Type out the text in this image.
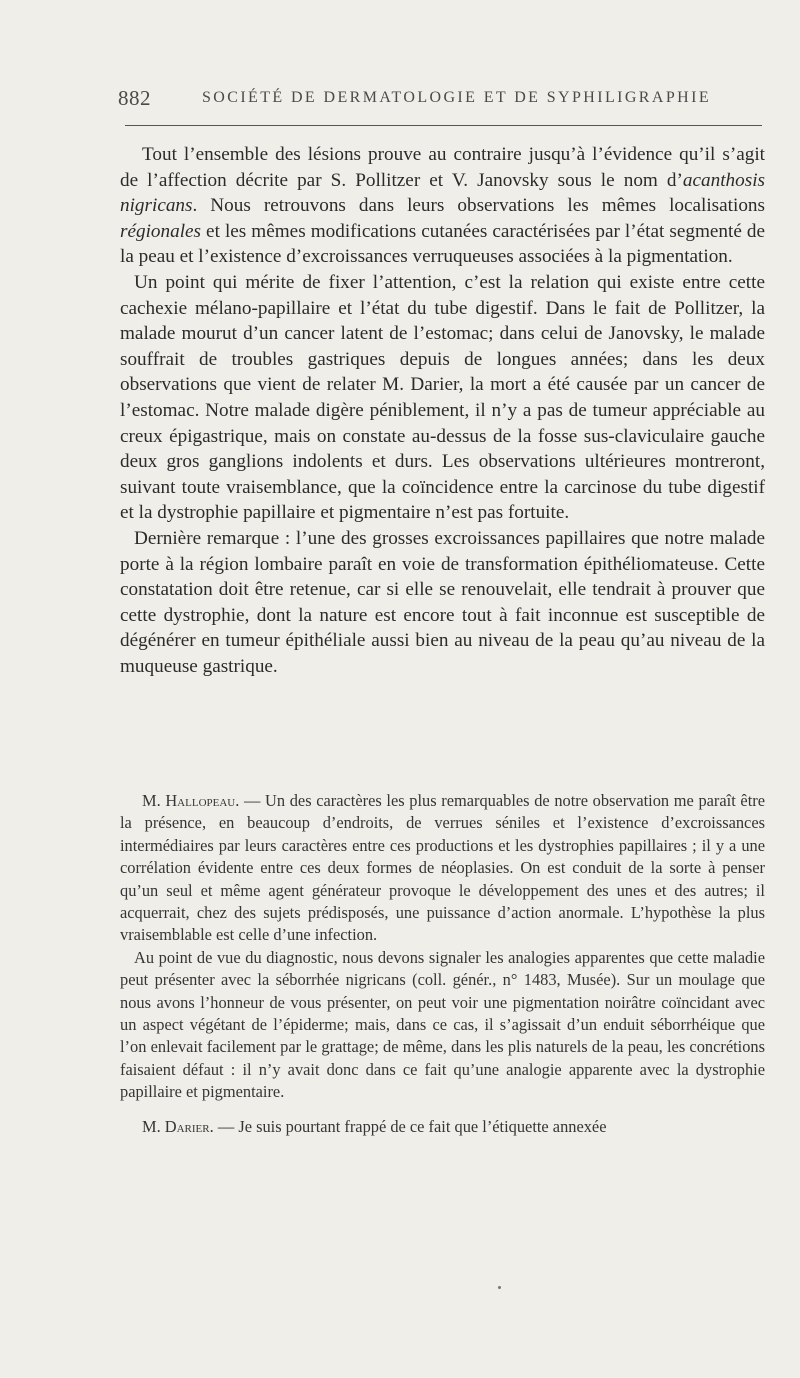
882	SOCIÉTÉ DE DERMATOLOGIE ET DE SYPHILIGRAPHIE

Tout l’ensemble des lésions prouve au contraire jusqu’à l’évidence qu’il s’agit de l’affection décrite par S. Pollitzer et V. Janovsky sous le nom d’acanthosis nigricans. Nous retrouvons dans leurs observations les mêmes localisations régionales et les mêmes modifications cutanées caractérisées par l’état segmenté de la peau et l’existence d’excroissances verruqueuses associées à la pigmentation.

Un point qui mérite de fixer l’attention, c’est la relation qui existe entre cette cachexie mélano-papillaire et l’état du tube digestif. Dans le fait de Pollitzer, la malade mourut d’un cancer latent de l’estomac; dans celui de Janovsky, le malade souffrait de troubles gastriques depuis de longues années; dans les deux observations que vient de relater M. Darier, la mort a été causée par un cancer de l’estomac. Notre malade digère péniblement, il n’y a pas de tumeur appréciable au creux épigastrique, mais on constate au-dessus de la fosse sus-claviculaire gauche deux gros ganglions indolents et durs. Les observations ultérieures montreront, suivant toute vraisemblance, que la coïncidence entre la carcinose du tube digestif et la dystrophie papillaire et pigmentaire n’est pas fortuite.

Dernière remarque : l’une des grosses excroissances papillaires que notre malade porte à la région lombaire paraît en voie de transformation épithéliomateuse. Cette constatation doit être retenue, car si elle se renouvelait, elle tendrait à prouver que cette dystrophie, dont la nature est encore tout à fait inconnue est susceptible de dégénérer en tumeur épithéliale aussi bien au niveau de la peau qu’au niveau de la muqueuse gastrique.

M. Hallopeau. — Un des caractères les plus remarquables de notre observation me paraît être la présence, en beaucoup d’endroits, de verrues séniles et l’existence d’excroissances intermédiaires par leurs caractères entre ces productions et les dystrophies papillaires ; il y a une corrélation évidente entre ces deux formes de néoplasies. On est conduit de la sorte à penser qu’un seul et même agent générateur provoque le développement des unes et des autres; il acquerrait, chez des sujets prédisposés, une puissance d’action anormale. L’hypothèse la plus vraisemblable est celle d’une infection.

Au point de vue du diagnostic, nous devons signaler les analogies apparentes que cette maladie peut présenter avec la séborrhée nigricans (coll. génér., n° 1483, Musée). Sur un moulage que nous avons l’honneur de vous présenter, on peut voir une pigmentation noirâtre coïncidant avec un aspect végétant de l’épiderme; mais, dans ce cas, il s’agissait d’un enduit séborrhéique que l’on enlevait facilement par le grattage; de même, dans les plis naturels de la peau, les concrétions faisaient défaut : il n’y avait donc dans ce fait qu’une analogie apparente avec la dystrophie papillaire et pigmentaire.

M. Darier. — Je suis pourtant frappé de ce fait que l’étiquette annexée
